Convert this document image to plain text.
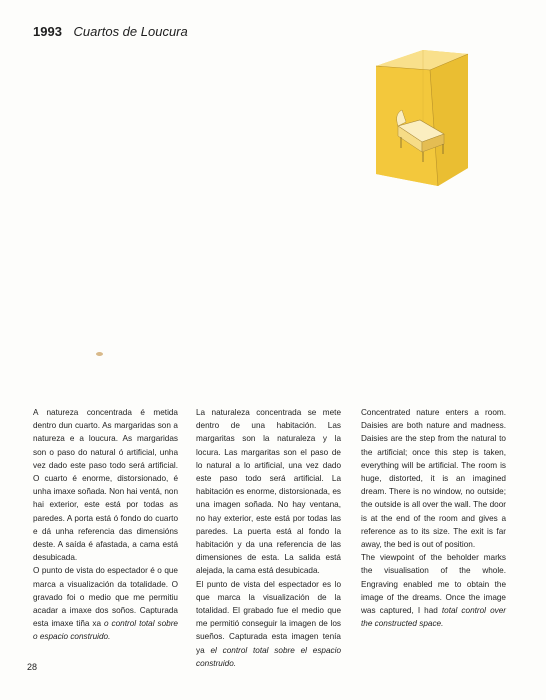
1993 Cuartos de Loucura

A natureza concentrada é metida dentro dun cuarto. As margaridas son a natureza e a loucura. As margaridas son o paso do natural ó artificial, unha vez dado este paso todo será artificial. O cuarto é enorme, distorsionado, é unha imaxe soñada. Non hai ventá, non hai exterior, este está por todas as paredes. A porta está ó fondo do cuarto e dá unha referencia das dimensións deste. A saída é afastada, a cama está desubicada.

O punto de vista do espectador é o que marca a visualización da totalidade. O gravado foi o medio que me permitiu acadar a imaxe dos soños. Capturada esta imaxe tiña xa o control total sobre o espacio construido.

La naturaleza concentrada se mete dentro de una habitación. Las margaritas son la naturaleza y la locura. Las margaritas son el paso de lo natural a lo artificial, una vez dado este paso todo será artificial. La habitación es enorme, distorsionada, es una imagen soñada. No hay ventana, no hay exterior, este está por todas las paredes. La puerta está al fondo la habitación y da una referencia de las dimensiones de esta. La salida está alejada, la cama está desubicada.

El punto de vista del espectador es lo que marca la visualización de la totalidad. El grabado fue el medio que me permitió conseguir la imagen de los sueños. Capturada esta imagen tenía ya el control total sobre el espacio construido.

Concentrated nature enters a room. Daisies are both nature and madness. Daisies are the step from the natural to the artificial; once this step is taken, everything will be artificial. The room is huge, distorted, it is an imagined dream. There is no window, no outside; the outside is all over the wall. The door is at the end of the room and gives a reference as to its size. The exit is far away, the bed is out of position.

The viewpoint of the beholder marks the visualisation of the whole. Engraving enabled me to obtain the image of the dreams. Once the image was captured, I had total control over the constructed space.

28
